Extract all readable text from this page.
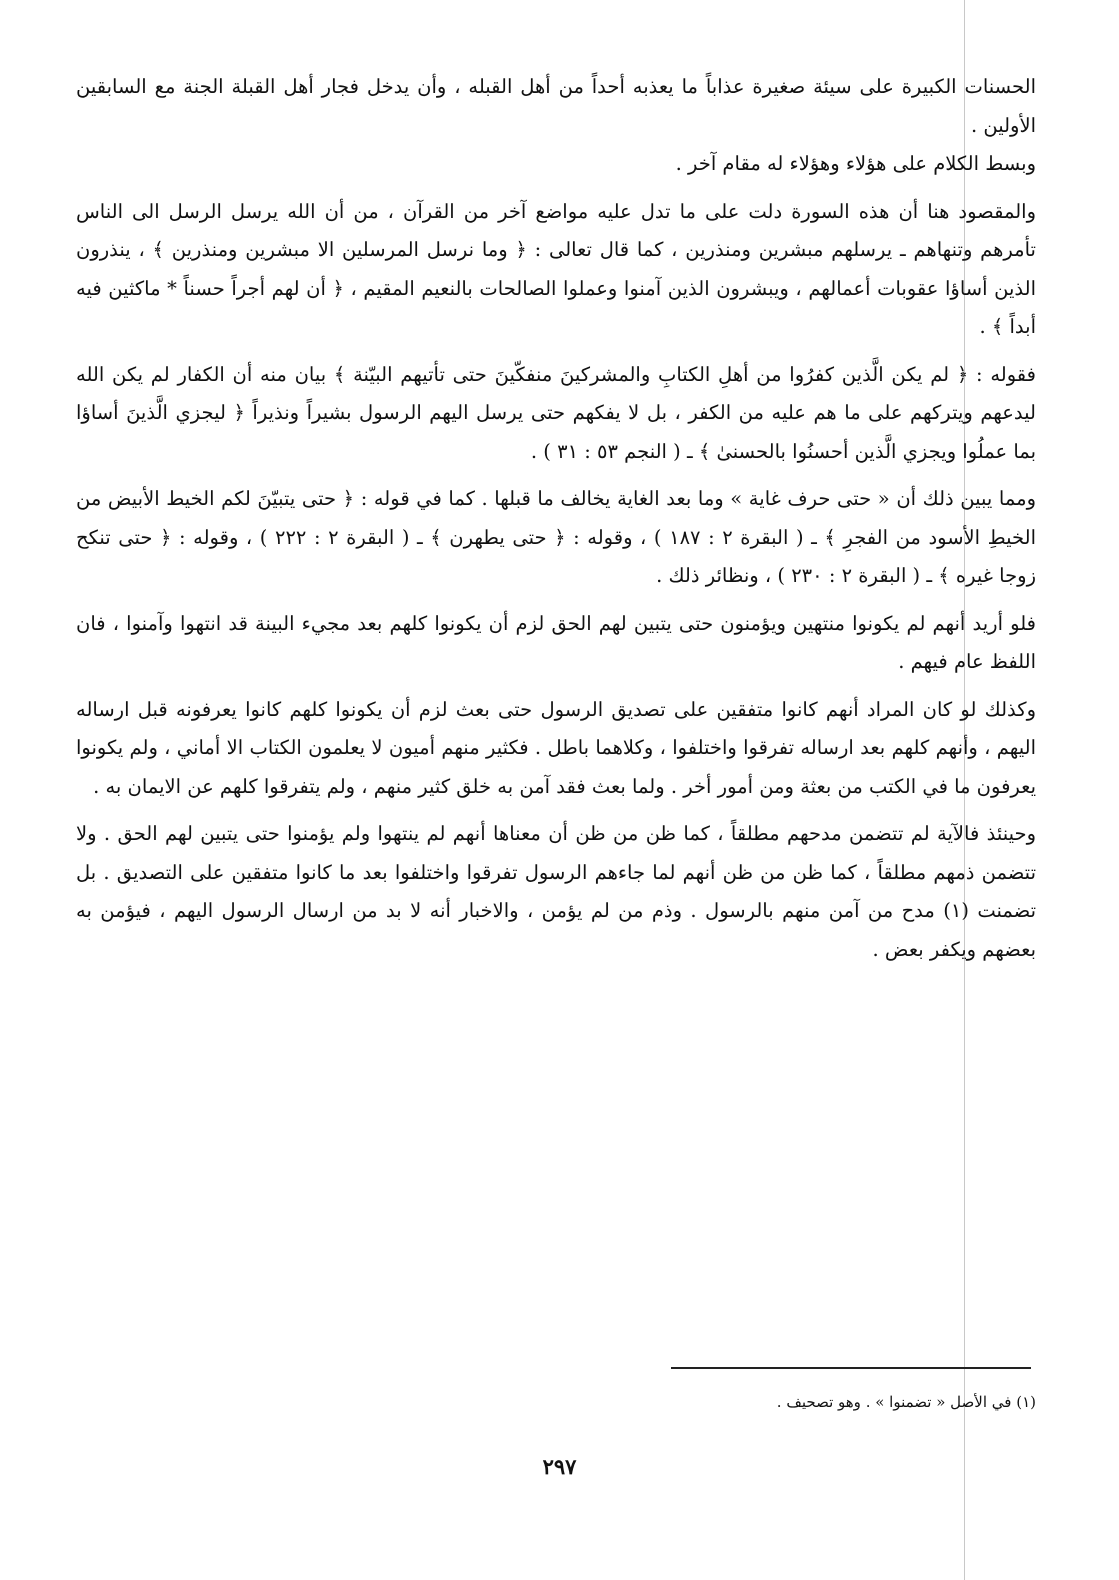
الحسنات الكبيرة على سيئة صغيرة عذاباً ما يعذبه أحداً من أهل القبله ، وأن يدخل فجار أهل القبلة الجنة مع السابقين الأولين .

وبسط الكلام على هؤلاء وهؤلاء له مقام آخر .

والمقصود هنا أن هذه السورة دلت على ما تدل عليه مواضع آخر من القرآن ، من أن الله يرسل الرسل الى الناس تأمرهم وتنهاهم ـ يرسلهم مبشرين ومنذرين ، كما قال تعالى : ﴿ وما نرسل المرسلين الا مبشرين ومنذرين ﴾ ، ينذرون الذين أساؤا عقوبات أعمالهم ، ويبشرون الذين آمنوا وعملوا الصالحات بالنعيم المقيم ، ﴿ أن لهم أجراً حسناً * ماكثين فيه أبداً ﴾ .

فقوله : ﴿ لم يكن الَّذين كفرُوا من أهلِ الكتابِ والمشركينَ منفكّينَ حتى تأتيهم البيّنة ﴾ بيان منه أن الكفار لم يكن الله ليدعهم ويتركهم على ما هم عليه من الكفر ، بل لا يفكهم حتى يرسل اليهم الرسول بشيراً ونذيراً ﴿ ليجزي الَّذينَ أساؤا بما عملُوا ويجزي الَّذين أحسنُوا بالحسنىٰ ﴾ ـ ( النجم ٥٣ : ٣١ ) .

ومما يبين ذلك أن « حتى حرف غاية » وما بعد الغاية يخالف ما قبلها . كما في قوله : ﴿ حتى يتبيّنَ لكم الخيط الأبيض من الخيطِ الأسود من الفجرِ ﴾ ـ ( البقرة ٢ : ١٨٧ ) ، وقوله : ﴿ حتى يطهرن ﴾ ـ ( البقرة ٢ : ٢٢٢ ) ، وقوله : ﴿ حتى تنكح زوجا غيره ﴾ ـ ( البقرة ٢ : ٢٣٠ ) ، ونظائر ذلك .

فلو أريد أنهم لم يكونوا منتهين ويؤمنون حتى يتبين لهم الحق لزم أن يكونوا كلهم بعد مجيء البينة قد انتهوا وآمنوا ، فان اللفظ عام فيهم .

وكذلك لو كان المراد أنهم كانوا متفقين على تصديق الرسول حتى بعث لزم أن يكونوا كلهم كانوا يعرفونه قبل ارساله اليهم ، وأنهم كلهم بعد ارساله تفرقوا واختلفوا ، وكلاهما باطل . فكثير منهم أميون لا يعلمون الكتاب الا أماني ، ولم يكونوا يعرفون ما في الكتب من بعثة ومن أمور أخر . ولما بعث فقد آمن به خلق كثير منهم ، ولم يتفرقوا كلهم عن الايمان به .

وحينئذ فالآية لم تتضمن مدحهم مطلقاً ، كما ظن من ظن أن معناها أنهم لم ينتهوا ولم يؤمنوا حتى يتبين لهم الحق . ولا تتضمن ذمهم مطلقاً ، كما ظن من ظن أنهم لما جاءهم الرسول تفرقوا واختلفوا بعد ما كانوا متفقين على التصديق . بل تضمنت (١) مدح من آمن منهم بالرسول . وذم من لم يؤمن ، والاخبار أنه لا بد من ارسال الرسول اليهم ، فيؤمن به بعضهم ويكفر بعض .

(١) في الأصل « تضمنوا » . وهو تصحيف .
٢٩٧
